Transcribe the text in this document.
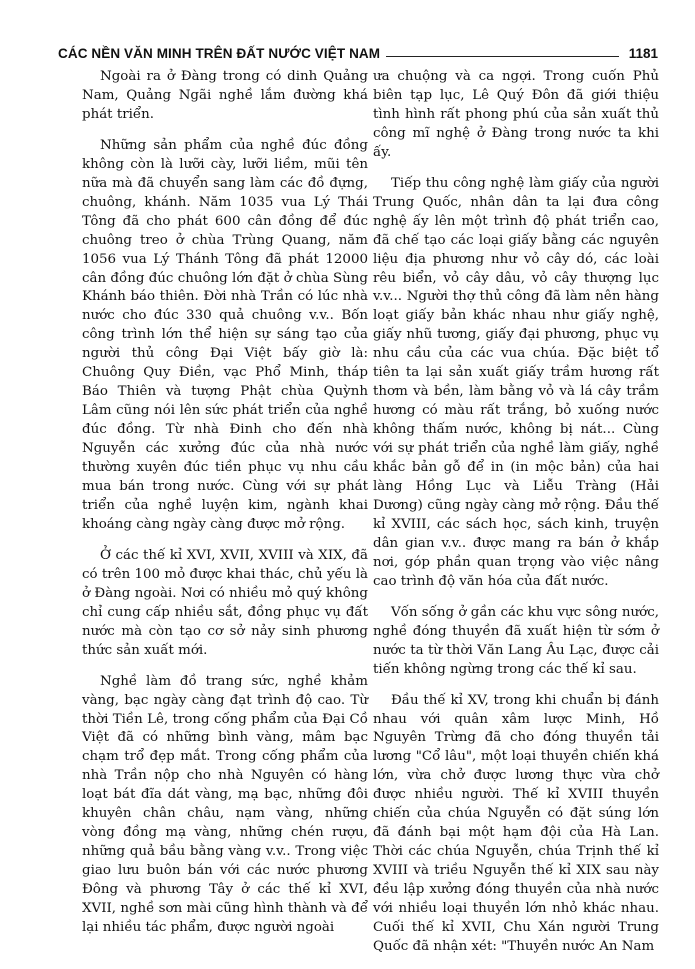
CÁC NỀN VĂN MINH TRÊN ĐẤT NƯỚC VIỆT NAM	1181

Ngoài ra ở Đàng trong có dinh Quảng Nam, Quảng Ngãi nghề lắm đường khá phát triển.

Những sản phẩm của nghề đúc đồng không còn là lưỡi cày, lưỡi liềm, mũi tên nữa mà đã chuyển sang làm các đồ đựng, chuông, khánh. Năm 1035 vua Lý Thái Tông đã cho phát 600 cân đồng để đúc chuông treo ở chùa Trùng Quang, năm 1056 vua Lý Thánh Tông đã phát 12000 cân đồng đúc chuông lớn đặt ở chùa Sùng Khánh báo thiên. Đời nhà Trần có lúc nhà nước cho đúc 330 quả chuông v.v.. Bốn công trình lớn thể hiện sự sáng tạo của người thủ công Đại Việt bấy giờ là: Chuông Quy Điền, vạc Phổ Minh, tháp Báo Thiên và tượng Phật chùa Quỳnh Lâm cũng nói lên sức phát triển của nghề đúc đồng. Từ nhà Đinh cho đến nhà Nguyễn các xưởng đúc của nhà nước thường xuyên đúc tiền phục vụ nhu cầu mua bán trong nước. Cùng với sự phát triển của nghề luyện kim, ngành khai khoáng càng ngày càng được mở rộng.

Ở các thế kỉ XVI, XVII, XVIII và XIX, đã có trên 100 mỏ được khai thác, chủ yếu là ở Đàng ngoài. Nơi có nhiều mỏ quý không chỉ cung cấp nhiều sắt, đồng phục vụ đất nước mà còn tạo cơ sở nảy sinh phương thức sản xuất mới.

Nghề làm đồ trang sức, nghề khảm vàng, bạc ngày càng đạt trình độ cao. Từ thời Tiền Lê, trong cống phẩm của Đại Cồ Việt đã có những bình vàng, mâm bạc chạm trổ đẹp mắt. Trong cống phẩm của nhà Trần nộp cho nhà Nguyên có hàng loạt bát đĩa dát vàng, mạ bạc, những đôi khuyên chân châu, nạm vàng, những vòng đồng mạ vàng, những chén rượu, những quả bầu bằng vàng v.v.. Trong việc giao lưu buôn bán với các nước phương Đông và phương Tây ở các thế kỉ XVI, XVII, nghề sơn mài cũng hình thành và để lại nhiều tác phẩm, được người ngoài

ưa chuộng và ca ngợi. Trong cuốn Phủ biên tạp lục, Lê Quý Đôn đã giới thiệu tình hình rất phong phú của sản xuất thủ công mĩ nghệ ở Đàng trong nước ta khi ấy.

Tiếp thu công nghệ làm giấy của người Trung Quốc, nhân dân ta lại đưa công nghệ ấy lên một trình độ phát triển cao, đã chế tạo các loại giấy bằng các nguyên liệu địa phương như vỏ cây dó, các loài rêu biển, vỏ cây dâu, vỏ cây thượng lục v.v... Người thợ thủ công đã làm nên hàng loạt giấy bản khác nhau như giấy nghệ, giấy nhũ tương, giấy đại phương, phục vụ nhu cầu của các vua chúa. Đặc biệt tổ tiên ta lại sản xuất giấy trầm hương rất thơm và bền, làm bằng vỏ và lá cây trầm hương có màu rất trắng, bỏ xuống nước không thấm nước, không bị nát... Cùng với sự phát triển của nghề làm giấy, nghề khắc bản gỗ để in (in mộc bản) của hai làng Hồng Lục và Liễu Tràng (Hải Dương) cũng ngày càng mở rộng. Đầu thế kỉ XVIII, các sách học, sách kinh, truyện dân gian v.v.. được mang ra bán ở khắp nơi, góp phần quan trọng vào việc nâng cao trình độ văn hóa của đất nước.

Vốn sống ở gần các khu vực sông nước, nghề đóng thuyền đã xuất hiện từ sớm ở nước ta từ thời Văn Lang Âu Lạc, được cải tiến không ngừng trong các thế kỉ sau.

Đầu thế kỉ XV, trong khi chuẩn bị đánh nhau với quân xâm lược Minh, Hồ Nguyên Trừng đã cho đóng thuyền tải lương "Cổ lâu", một loại thuyền chiến khá lớn, vừa chở được lương thực vừa chở được nhiều người. Thế kỉ XVIII thuyền chiến của chúa Nguyễn có đặt súng lớn đã đánh bại một hạm đội của Hà Lan. Thời các chúa Nguyễn, chúa Trịnh thế kỉ XVIII và triều Nguyễn thế kỉ XIX sau này đều lập xưởng đóng thuyền của nhà nước với nhiều loại thuyền lớn nhỏ khác nhau. Cuối thế kỉ XVII, Chu Xán người Trung Quốc đã nhận xét: "Thuyền nước An Nam
